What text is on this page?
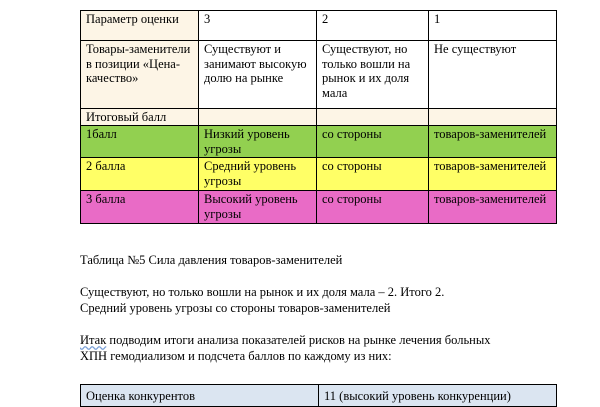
Параметр оценки	3	2	1
Товары-заменители в позиции «Цена-качество»	Существуют и занимают высокую долю на рынке	Существуют, но только вошли на рынок и их доля мала	Не существуют
Итоговый балл			
1балл	Низкий уровень угрозы	со стороны	товаров-заменителей
2 балла	Средний уровень угрозы	со стороны	товаров-заменителей
3 балла	Высокий уровень угрозы	со стороны	товаров-заменителей
Таблица №5 Сила давления товаров-заменителей
Существуют, но только вошли на рынок и их доля мала – 2. Итого 2.
Средний уровень угрозы со стороны товаров-заменителей
Итак подводим итоги анализа показателей рисков на рынке лечения больных
ХПН гемодиализом и подсчета баллов по каждому из них:
Оценка конкурентов	11 (высокий уровень конкуренции)
